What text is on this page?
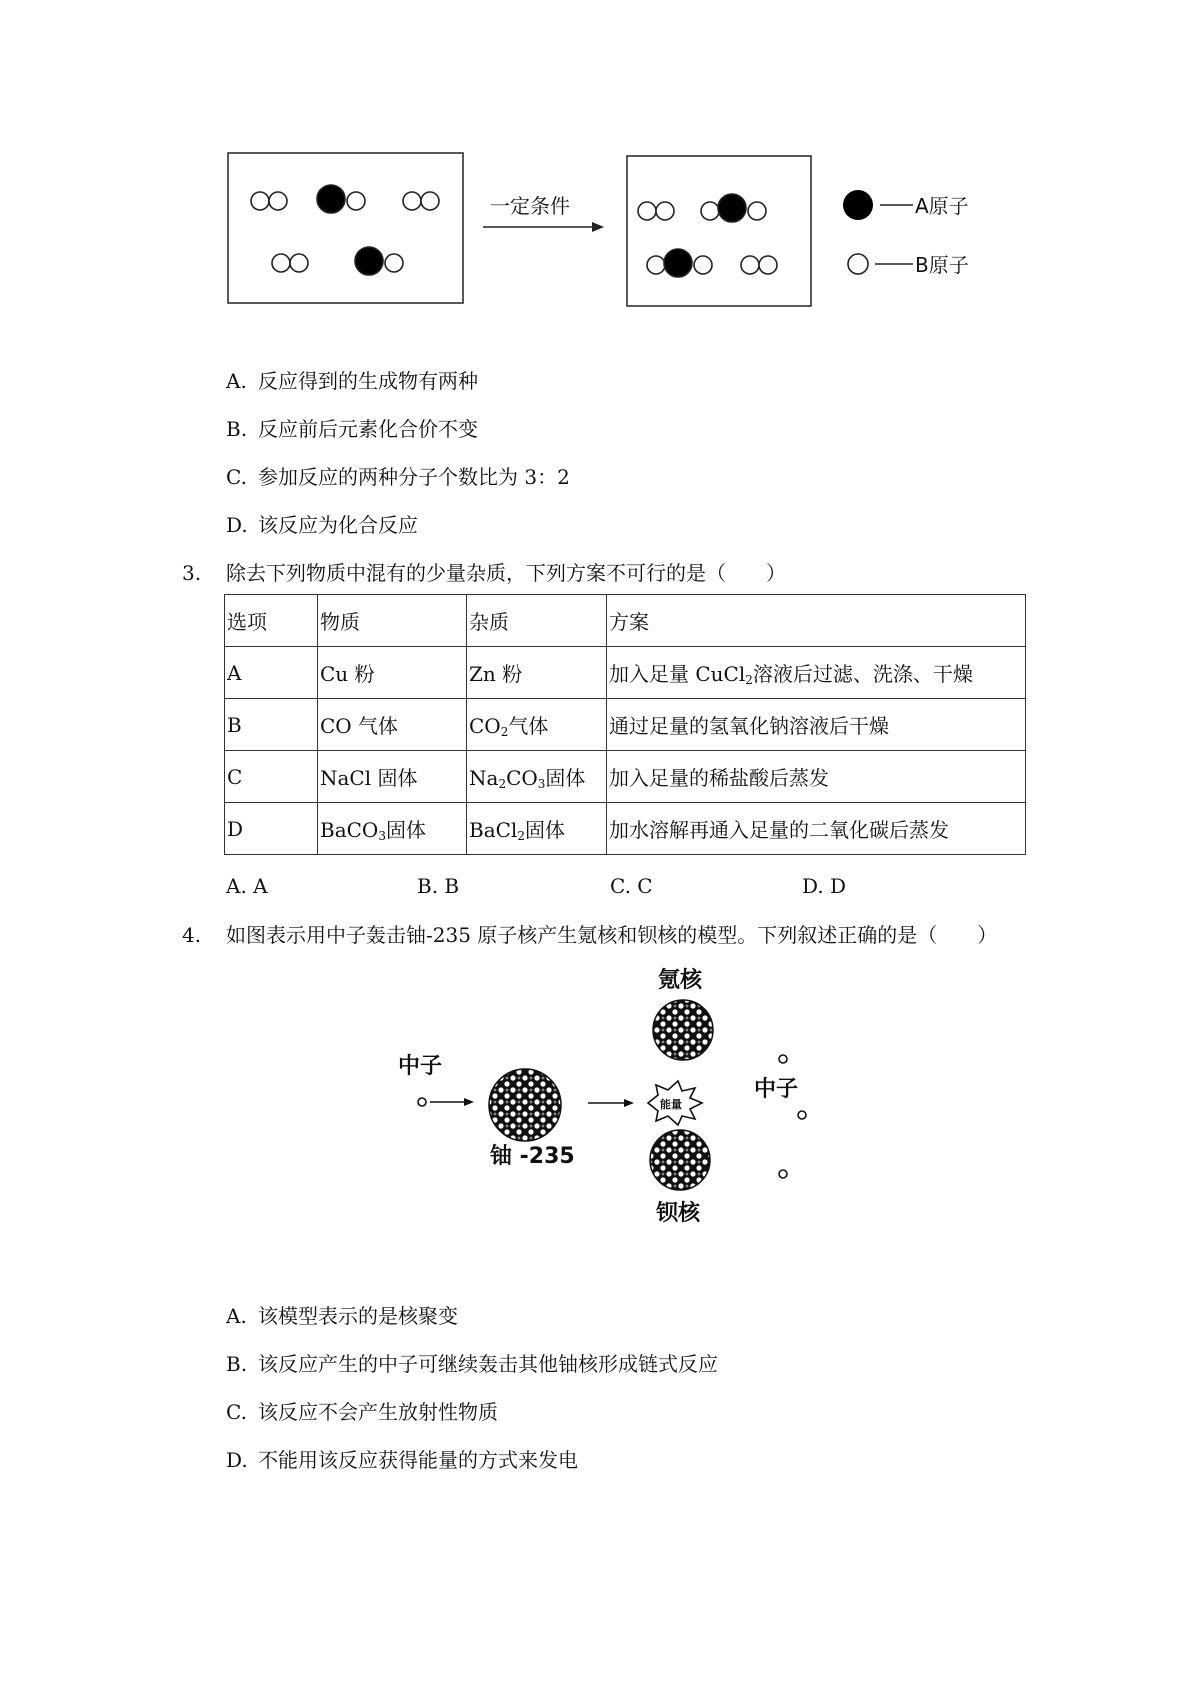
一定条件	A原子
B原子
A. 反应得到的生成物有两种
B. 反应前后元素化合价不变
C. 参加反应的两种分子个数比为 3：2
D. 该反应为化合反应
3. 除去下列物质中混有的少量杂质，下列方案不可行的是（　　）
选项	物质	杂质	方案
A	Cu 粉	Zn 粉	加入足量 CuCl$_2$溶液后过滤、洗涤、干燥
B	CO 气体	$CO_2$气体	通过足量的氢氧化钠溶液后干燥
C	NaCl 固体	$Na_2CO_3$固体	加入足量的稀盐酸后蒸发
D	BaCO$_3$固体	BaCl$_2$固体	加水溶解再通入足量的二氧化碳后蒸发
A. A	B. B	C. C	D. D
4. 如图表示用中子轰击铀-235 原子核产生氪核和钡核的模型。下列叙述正确的是（　　）
中子
铀 -235
氪核
能量
钡核
中子
A. 该模型表示的是核聚变
B. 该反应产生的中子可继续轰击其他铀核形成链式反应
C. 该反应不会产生放射性物质
D. 不能用该反应获得能量的方式来发电
